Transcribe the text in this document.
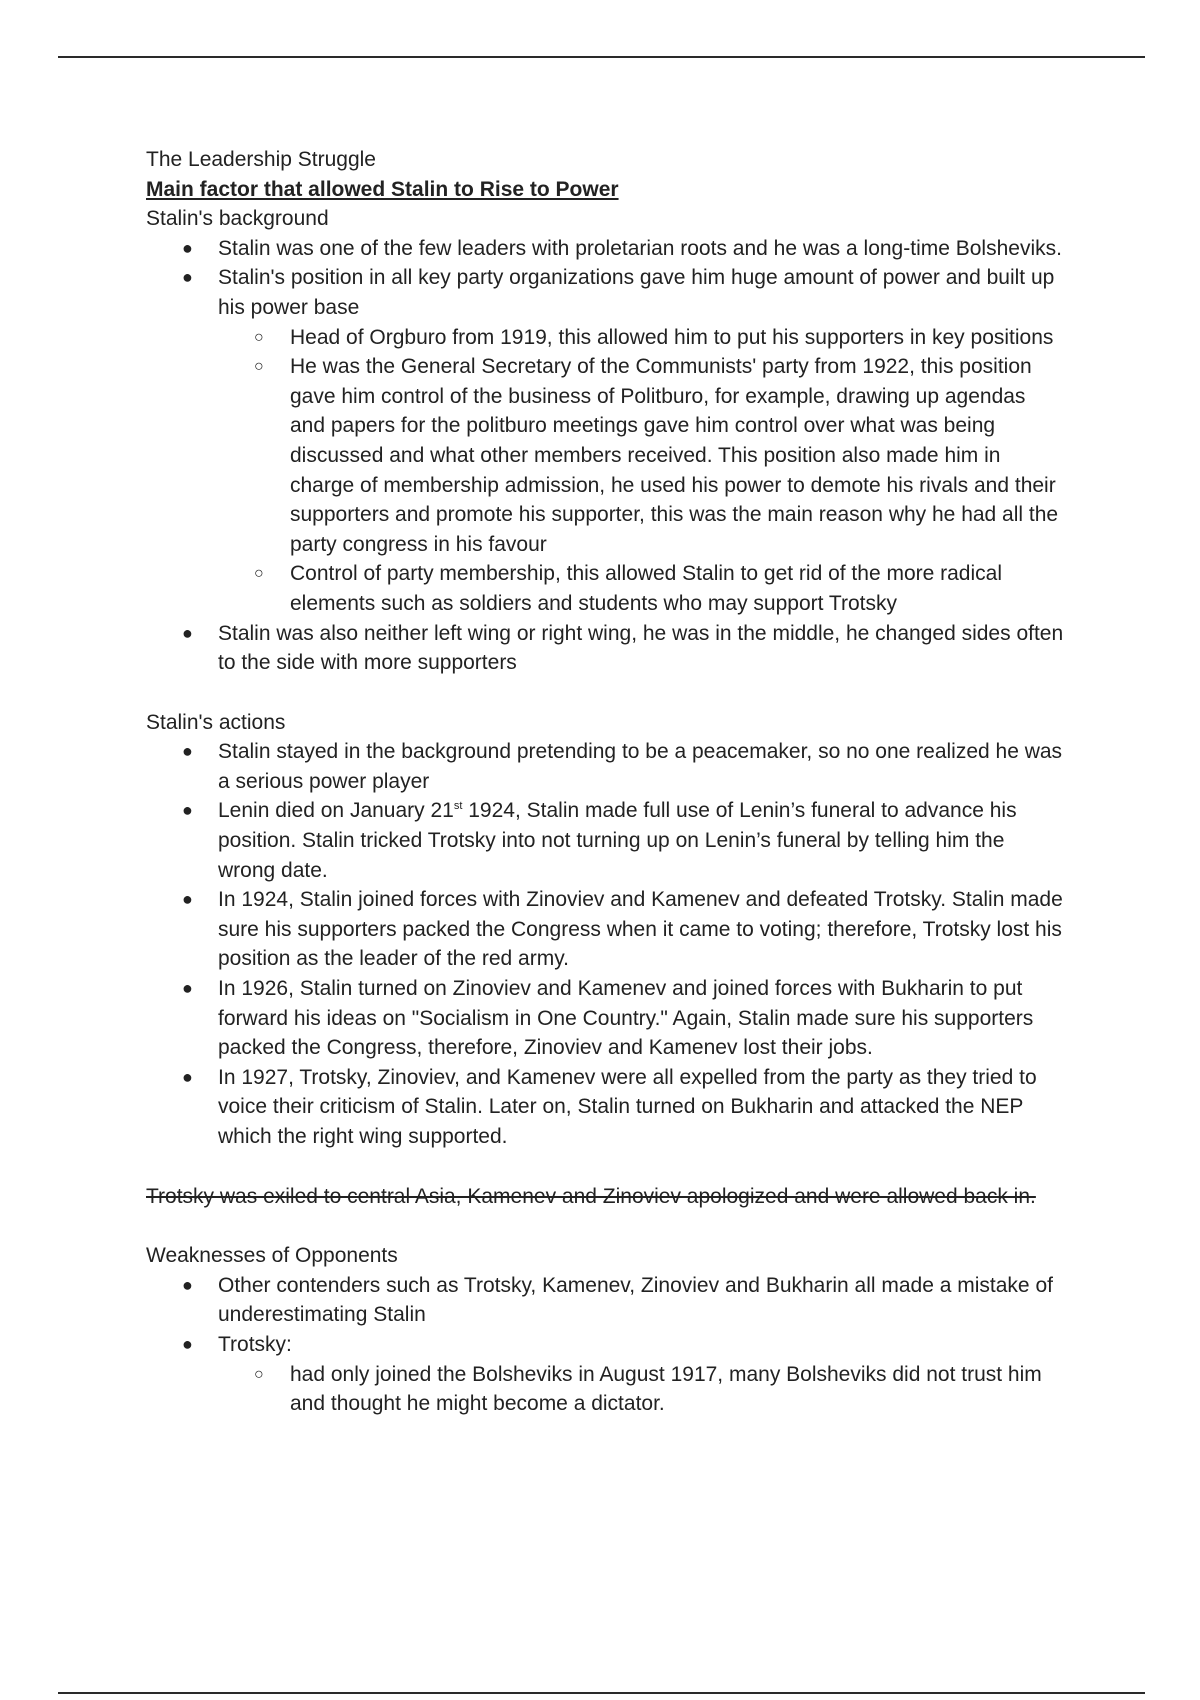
The Leadership Struggle

Main factor that allowed Stalin to Rise to Power

Stalin's background

● Stalin was one of the few leaders with proletarian roots and he was a long-time Bolsheviks.
● Stalin's position in all key party organizations gave him huge amount of power and built up his power base
○ Head of Orgburo from 1919, this allowed him to put his supporters in key positions
○ He was the General Secretary of the Communists' party from 1922, this position gave him control of the business of Politburo, for example, drawing up agendas and papers for the politburo meetings gave him control over what was being discussed and what other members received. This position also made him in charge of membership admission, he used his power to demote his rivals and their supporters and promote his supporter, this was the main reason why he had all the party congress in his favour
○ Control of party membership, this allowed Stalin to get rid of the more radical elements such as soldiers and students who may support Trotsky
● Stalin was also neither left wing or right wing, he was in the middle, he changed sides often to the side with more supporters

Stalin's actions

● Stalin stayed in the background pretending to be a peacemaker, so no one realized he was a serious power player
● Lenin died on January 21st 1924, Stalin made full use of Lenin’s funeral to advance his position. Stalin tricked Trotsky into not turning up on Lenin’s funeral by telling him the wrong date.
● In 1924, Stalin joined forces with Zinoviev and Kamenev and defeated Trotsky. Stalin made sure his supporters packed the Congress when it came to voting; therefore, Trotsky lost his position as the leader of the red army.
● In 1926, Stalin turned on Zinoviev and Kamenev and joined forces with Bukharin to put forward his ideas on "Socialism in One Country." Again, Stalin made sure his supporters packed the Congress, therefore, Zinoviev and Kamenev lost their jobs.
● In 1927, Trotsky, Zinoviev, and Kamenev were all expelled from the party as they tried to voice their criticism of Stalin. Later on, Stalin turned on Bukharin and attacked the NEP which the right wing supported.

Trotsky was exiled to central Asia, Kamenev and Zinoviev apologized and were allowed back in.

Weaknesses of Opponents

● Other contenders such as Trotsky, Kamenev, Zinoviev and Bukharin all made a mistake of underestimating Stalin
● Trotsky:
○ had only joined the Bolsheviks in August 1917, many Bolsheviks did not trust him and thought he might become a dictator.
